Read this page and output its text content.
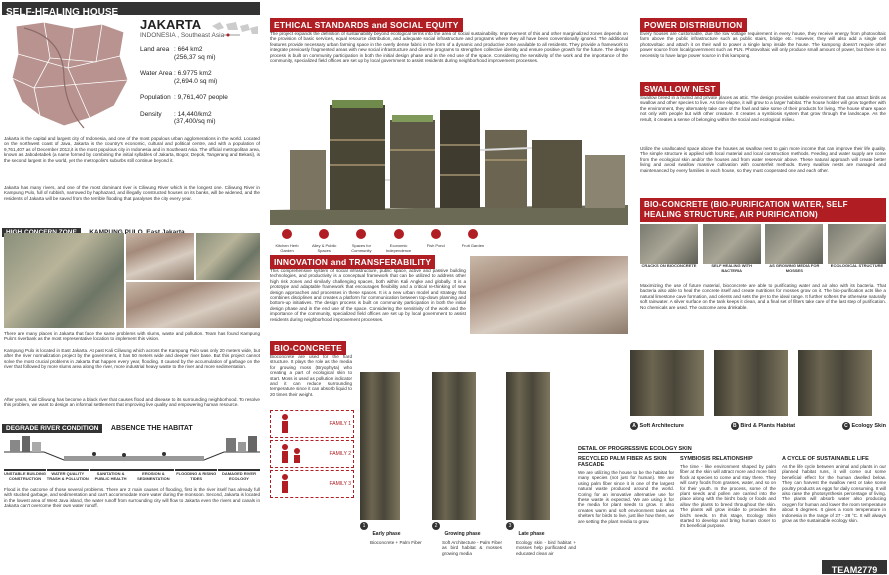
SELF-HEALING HOUSE
JAKARTA
INDONESIA , Southeast Asia
Land area : 664 km2
(256,37 sq mi)
Water Area : 6.9775 km2
(2,694.0 sq mi)
Population : 9,761,407 people
Density	: 14,440/km2
(37,400/sq mi)
Jakarta is the capital and largest city of Indonesia, and one of the most populous urban agglomerations in the world. Located on the northwest coast of Java, Jakarta is the country's economic, cultural and political centre, and with a population of 9,761,407 as of December 2012,it is the most populous city in Indonesia and in Southeast Asia. The official metropolitan area, known as Jabodetabek (a name formed by combining the initial syllables of Jakarta, Bogor, Depok, Tangerang and Bekasi), is the second largest in the world, yet the metropolis's suburbs still continue beyond it.
Jakarta has many rivers, and one of the most dominant river is Ciliwung River which is the longest one. Ciliwung River in Kampung Pulo, full of rubbish, narrowed by haphazard, and illegally constructed houses on its banks, will be widened, and the residents of Jakarta will be saved from the terrible flooding that paralyses the city every year.
There are many places in Jakarta that face the same problems with slums, waste and pollution. Team has found Kampung Pulo's riverbank as the most representative location to implement this vision.
Kampung Pulo is located in East Jakarta. At past Kali Ciliwung which across the Kampung Pulo was only 20 meters wide, but after the river normalization project by the government, it has 50 meters wide and deeper river base. But this project cannot solve the most crucial problems in Jakarta that happen every year, flooding. It caused by the accumulation of garbage on the river that followed by more slums area along the river, more industrial heavy waste to the river and more sedimentation.
After years, Kali Ciliwung has become a black river that causes flood and disease to its surrounding neighborhood. To resolve this problem, we want to design an informal settlement that improving live quality and empowering human resource.
DEGRADE RIVER CONDITION ABSENCE THE HABITAT
UNSTABLE BUILDING CONSTRUCTION
WATER QUALITY TRASH & POLLUTION
SANITATION & PUBLIC HEALTH
EROSION & SEDIMENTATION
FLOODING & RISING TIDES
DAMAGED RIVER ECOLOGY
Flood is the outcome of those several problems. There are 2 main causes of flooding, first is the river itself has already full with stucked garbage, and sedimentation and can't accommodate more water during the monsoon. Second, Jakarta is located in the lowest area of West Java island, the water runoff from surrounding city will flow to Jakarta even the rivers and canals in Jakarta can't overcome their own water runoff.
ETHICAL STANDARDS and SOCIAL EQUITY
The project expands the definition of sustainability beyond ecological terms into the area of social sustainability. Improvement of this and other marginalized zones depends on the provision of basic services, equal resource distribution, and adequate social infrastructure and programs where they all have been conventionally ignored. The additional features provide necessary urban farming space in the overly dense fabric in the form of a dynamic and productive zone available to all residents. They provide a framework to integrate previously fragmented areas with new social infrastructure and diverse programs to strengthen collective identity and ensure positive growth for the future. The design process is built on community participation in both the initial design phase and in the end use of the space. Considering the sensitivity of the work and the importance of the community, specialized field offices are set up by local government to assist residents during neighborhood improvement processes.
Kitchen Herb Garden
Alley & Public Spaces
Spaces for Community
Economic Independence
Fish Pond	Fruit Garden
INNOVATION and TRANSFERABILITY
This comprehensive system of social infrastructure, public space, active and passive building technologies, and productivity is a conceptual framework that can be utilized to address other high risk zones and similarly challenging spaces, both within Kali Angke and globally. It is a prototype and adaptable framework that encourages flexibility and a critical re-thinking of new design approaches and processes in these spaces. It is a new urban model and strategy that combines disciplines and creates a platform for communication between top-down planning and bottom-up initiatives. The design process is built on community participation in both the initial design phase and in the end use of the space. Considering the sensitivity of the work and the importance of the community, specialized field offices are set up by local government to assist residents during neighborhood improvement processes.
BIO-CONCRETE
Bioconcrete are used for the hard structure. It plays the role as the media for growing moss (Bryophyta) who creating a part of ecological skin to start. Moss is used as pollution indicator and it can reduce surrounding temperature since it can absorb liquid to 20 times their weight.
FAMILY 1
FAMILY 2
FAMILY 3
1 Early phase
Bioconcrete + Palm Fiber
2 Growing phase
Soft Architecture - Palm Fiber as bird habitat & mosses growing media
3 Late phase
Ecology skin - bird habitat + mosses help purificated and educated clean air
POWER DISTRIBUTION
Every houses are customable, due the low voltage requirement in every house, they receive energy from photovoltaic farm above the public infrastructure such as public stairs, bridge etc. However, they will also add a single cell photovoltaic and attach it on their wall to power a single lamp inside the house. The kampong doesn't require other power source from local/government such as PLN. Photovoltaic will only produce small amount of power, but there is no necessity to have large power source in this kampong.
SWALLOW NEST
Swallow breed in a humid and private places as attic. The design provides suitable environment that can attract birds as swallow and other species to live. As time elapse, it will grow to a larger habitat. The house holder will grow together with the environment, they alternately take care of the fowl and take some of their products for living. The house share space not only with people but with other creature. It creates a symbiosis system that grow through the landscape. As the result, it creates a sense of belonging within the social and ecological milieu.
Utilize the unallocated space above the houses as swallow nest to gain more income that can improve their life quality. The simple structure is applied with local material and local construction methods. Feeding and water supply are come from the ecological skin and/or the houses and from water reservoir above. These natural approach will create better living and avoid swallow massive cultivation with counterfeit methods. Every swallow nests are managed and maintenanced by every families in each house, so they must cooperated one and each other.
BIO-CONCRETE (BIO-PURIFICATION WATER, SELF HEALING STRUCTURE, AIR PURIFICATION)
CRACKS ON BIOCONCRETE	SELF HEALING WITH BACTERIA
AS GROWING MEDIA FOR MOSSES
ECOLOGICAL STRUCTURE
Maximizing the use of future material, bioconcrete are able to purificating water and air also with its bacteria. That bacteria also able to heal the concrete itself and create nutritions for mosses grow on it. The bio-purification acts like a natural limestone cave formation, and orients and sets the pH to the ideal range. It further softens the otherwise naturally soft rainwater. A silver surface on the tank keeps it clean, and a final set of filters take care of the last step of purification. No chemicals are used. The outcome area drinkable.
A Soft Architecture	B Bird & Plants Habitat	C Ecology Skin
DETAIL OF PROGRESSIVE ECOLOGY SKIN
RECYCLED PALM FIBER AS SKIN FASCADE
We are utilizing the house to be the habitat for many species (not just for human). We are using palm fiber since it is one of the largest natural waste produced around the world. Coring for an innovative alternative use for these waste is expected. We are using it for the media for plant seeds to grow. It also creates warm and soft environment takes as shelters for birds to live, just like how them, we are setting the plant media to grow.
SYMBIOSIS RELATIONSHIP
The time - like environment shaped by palm fiber at the skin will attract more and more bird flock at species to come and stay there. They will carry foods from grasses, water, and so on for their youth. In the process, some of the plant seeds and pollen are carried into the place along with the bird's body or foods and allow the plants to breed throughout the skin. The plants will grow inside to provides the bird's needs. In this stage, Ecology Skin started to develop and bring human closer to it's beneficial purpose.
A CYCLE OF SUSTAINABLE LIFE
As the life cycle between animal and plants in our planned habitat runs, it will come out some beneficial effect for the human dwelled below. They can harvest the swallow nest or take some poultry products as eggs for daily consuming. It will also raise the photosynthesis percentage of living. The plants will absorb water also producing oxygen for human and lower the room temperature about 5 degrees. It gives a room temperature in Indonesia in the range of 27 - 28 °C. It will always grow as the sustainable ecology skin.
TEAM2779
